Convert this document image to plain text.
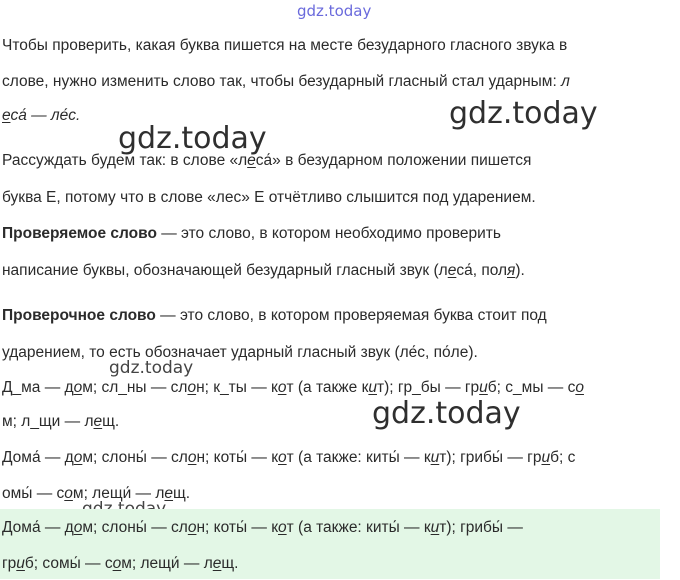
gdz.today
gdz.today
gdz.today
gdz.today
gdz.today

Чтобы проверить, какая буква пишется на месте безударного гласного звука в

слове, нужно изменить слово так, чтобы безударный гласный стал ударным: л

еса́ — ле́с.

Рассуждать будем так: в слове «леса́» в безударном положении пишется

буква Е, потому что в слове «лес» Е отчётливо слышится под ударением.

Проверяемое слово — это слово, в котором необходимо проверить

написание буквы, обозначающей безударный гласный звук (леса́, поля).

Проверочное слово — это слово, в котором проверяемая буква стоит под

ударением, то есть обозначает ударный гласный звук (ле́с, по́ле).

Д_ма — дом; сл_ны — слон; к_ты — кот (а также кит); гр_бы — гриб; с_мы — со

м; л_щи — лещ.

Дома́ — дом; слоны́ — слон; коты́ — кот (а также: киты́ — кит); грибы́ — гриб; с

омы́ — сом; лещи́ — лещ.

Дома́ — дом; слоны́ — слон; коты́ — кот (а также: киты́ — кит); грибы́ —

гриб; сомы́ — сом; лещи́ — лещ.
